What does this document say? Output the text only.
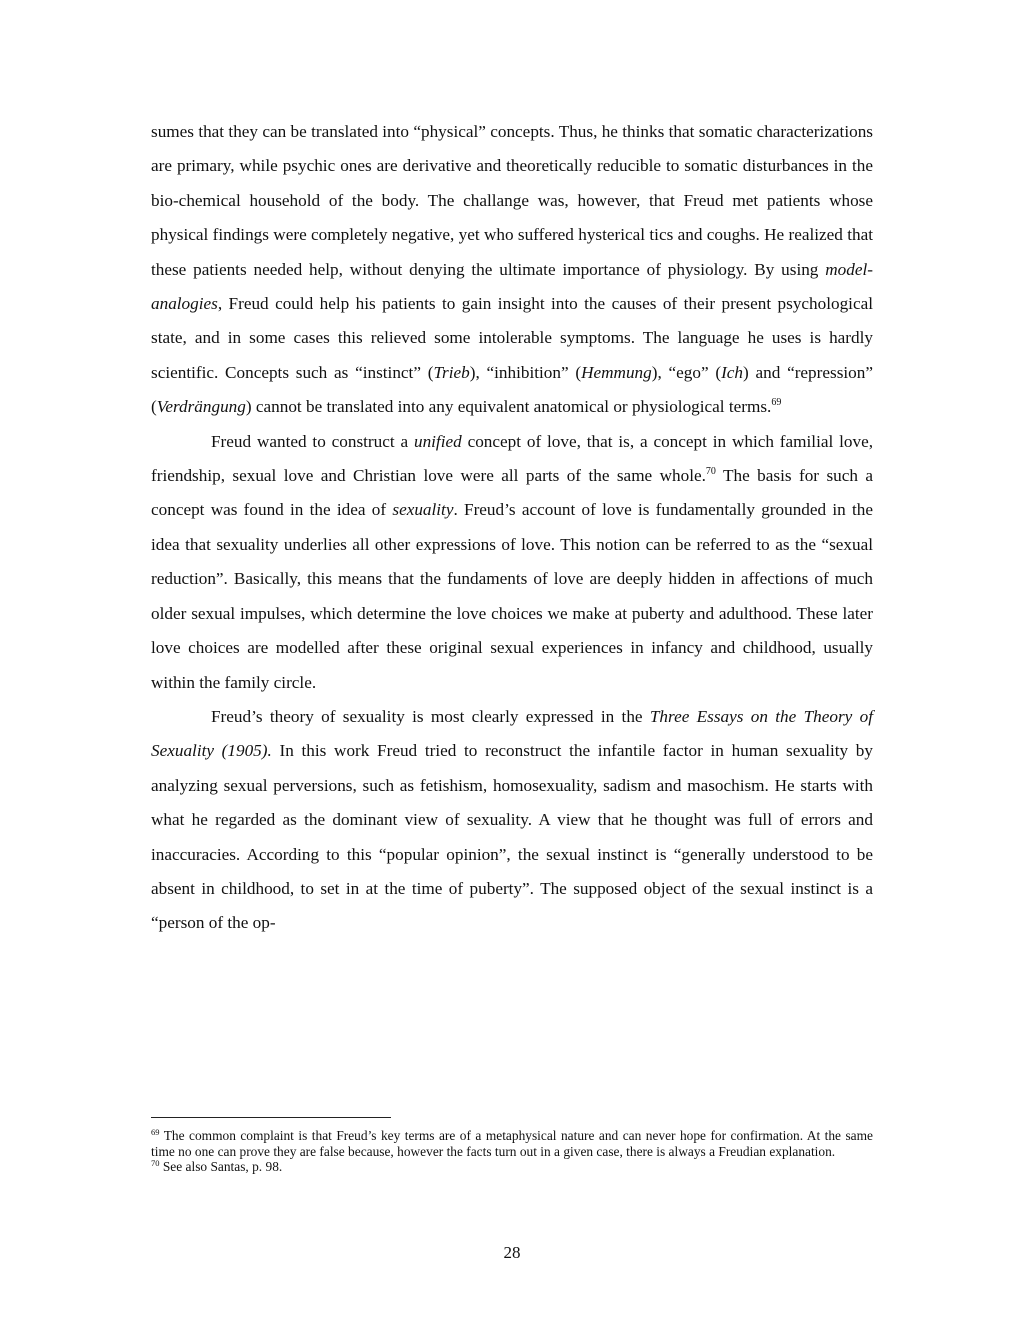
sumes that they can be translated into “physical” concepts. Thus, he thinks that somatic characterizations are primary, while psychic ones are derivative and theoretically reducible to somatic disturbances in the bio-chemical household of the body. The challange was, however, that Freud met patients whose physical findings were completely negative, yet who suffered hysterical tics and coughs. He realized that these patients needed help, without denying the ultimate importance of physiology. By using model-analogies, Freud could help his patients to gain insight into the causes of their present psychological state, and in some cases this relieved some intolerable symptoms. The language he uses is hardly scientific. Concepts such as “instinct” (Trieb), “inhibition” (Hemmung), “ego” (Ich) and “repression” (Verdrängung) cannot be translated into any equivalent anatomical or physiological terms.$^{69}$

Freud wanted to construct a unified concept of love, that is, a concept in which familial love, friendship, sexual love and Christian love were all parts of the same whole.$^{70}$ The basis for such a concept was found in the idea of sexuality. Freud’s account of love is fundamentally grounded in the idea that sexuality underlies all other expressions of love. This notion can be referred to as the “sexual reduction”. Basically, this means that the fundaments of love are deeply hidden in affections of much older sexual impulses, which determine the love choices we make at puberty and adulthood. These later love choices are modelled after these original sexual experiences in infancy and childhood, usually within the family circle.

Freud’s theory of sexuality is most clearly expressed in the Three Essays on the Theory of Sexuality (1905). In this work Freud tried to reconstruct the infantile factor in human sexuality by analyzing sexual perversions, such as fetishism, homosexuality, sadism and masochism. He starts with what he regarded as the dominant view of sexuality. A view that he thought was full of errors and inaccuracies. According to this “popular opinion”, the sexual instinct is “generally understood to be absent in childhood, to set in at the time of puberty”. The supposed object of the sexual instinct is a “person of the op-

$^{69}$ The common complaint is that Freud’s key terms are of a metaphysical nature and can never hope for confirmation. At the same time no one can prove they are false because, however the facts turn out in a given case, there is always a Freudian explanation.

$^{70}$ See also Santas, p. 98.

28
